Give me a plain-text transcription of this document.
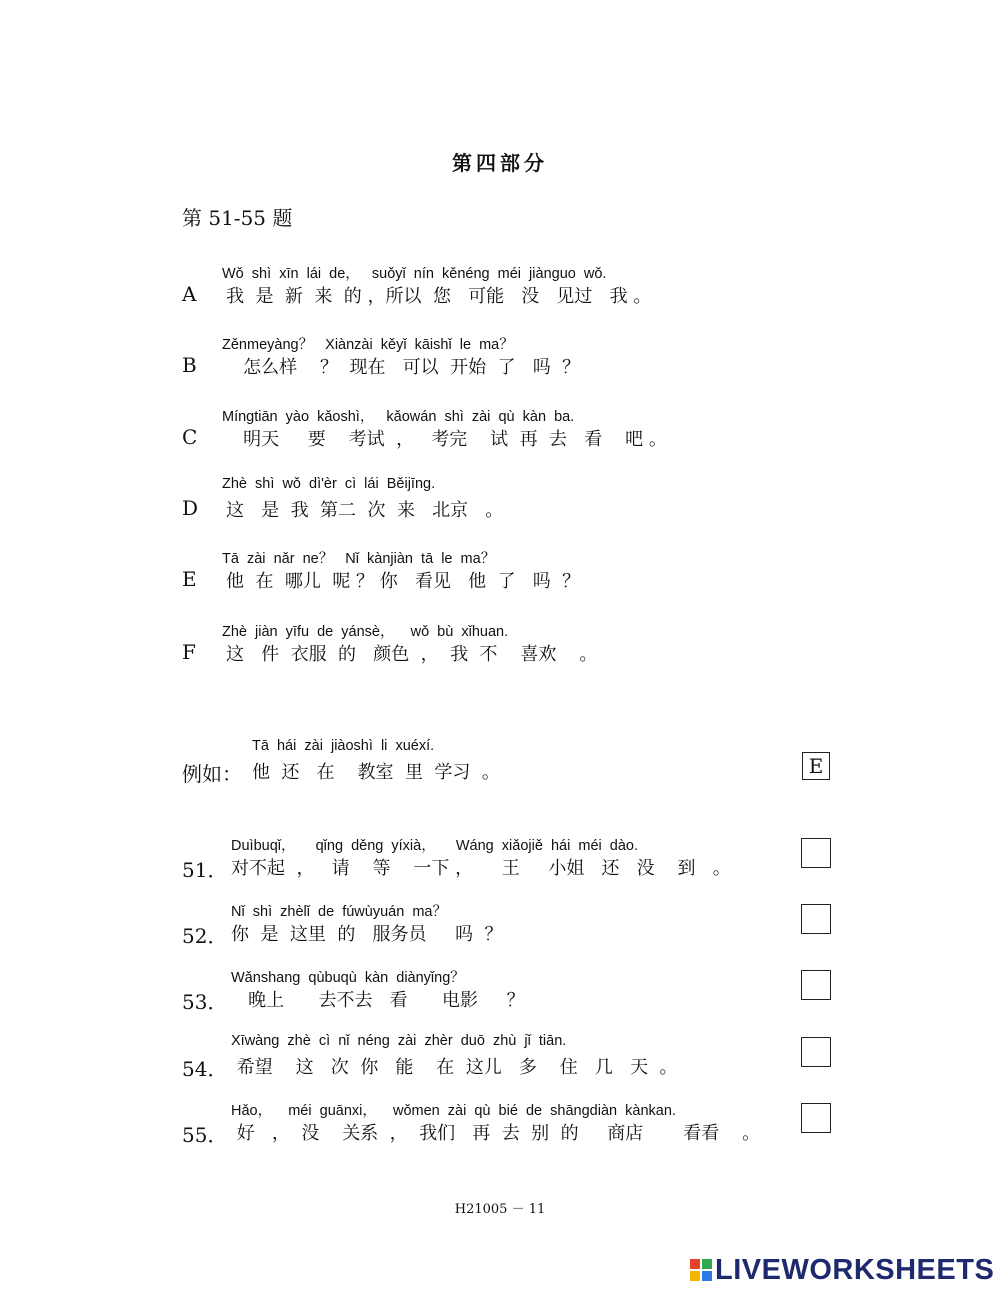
第四部分
第 51-55 题
Wǒ  shì  xīn  lái  de，   suǒyǐ  nín  kěnéng  méi  jiànguo  wǒ.
A 我  是  新  来  的 ，所以  您   可能   没   见过   我 。
Zěnmeyàng？   Xiànzài  kěyǐ  kāishǐ  le  ma？
B 怎么样    ？  现在   可以  开始  了   吗  ？
Míngtiān  yào  kǎoshì，   kǎowán  shì  zài  qù  kàn  ba.
C 明天     要    考试  ，   考完    试  再  去   看    吧 。
Zhè  shì  wǒ  dì'èr  cì  lái  Běijīng.
D 这   是  我  第二  次  来   北京   。
Tā  zài  nǎr  ne？   Nǐ  kànjiàn  tā  le  ma？
E 他  在  哪儿  呢 ？ 你   看见   他  了   吗  ？
Zhè  jiàn  yīfu  de  yánsè，    wǒ  bù  xǐhuan.
F 这   件  衣服  的   颜色  ，  我  不    喜欢    。
Tā  hái  zài  jiàoshì  li  xuéxí.
例如： 他  还   在    教室  里  学习  。	E
Duìbuqǐ，     qǐng  děng  yíxià，     Wáng  xiǎojiě  hái  méi  dào.
51． 对不起  ，   请    等    一下 ，     王     小姐   还   没    到   。
Nǐ  shì  zhèlǐ  de  fúwùyuán  ma？
52． 你  是  这里  的   服务员     吗  ？
Wǎnshang  qùbuqù  kàn  diànyǐng？
53． 晚上      去不去   看      电影     ？
Xīwàng  zhè  cì  nǐ  néng  zài  zhèr  duō  zhù  jǐ  tiān.
54． 希望    这   次  你   能    在  这儿   多    住   几   天  。
Hǎo，    méi  guānxi，    wǒmen  zài  qù  bié  de  shāngdiàn  kànkan.
55． 好   ，  没    关系  ，  我们   再  去  别  的     商店       看看    。
H21005 － 11
LIVEWORKSHEETS
